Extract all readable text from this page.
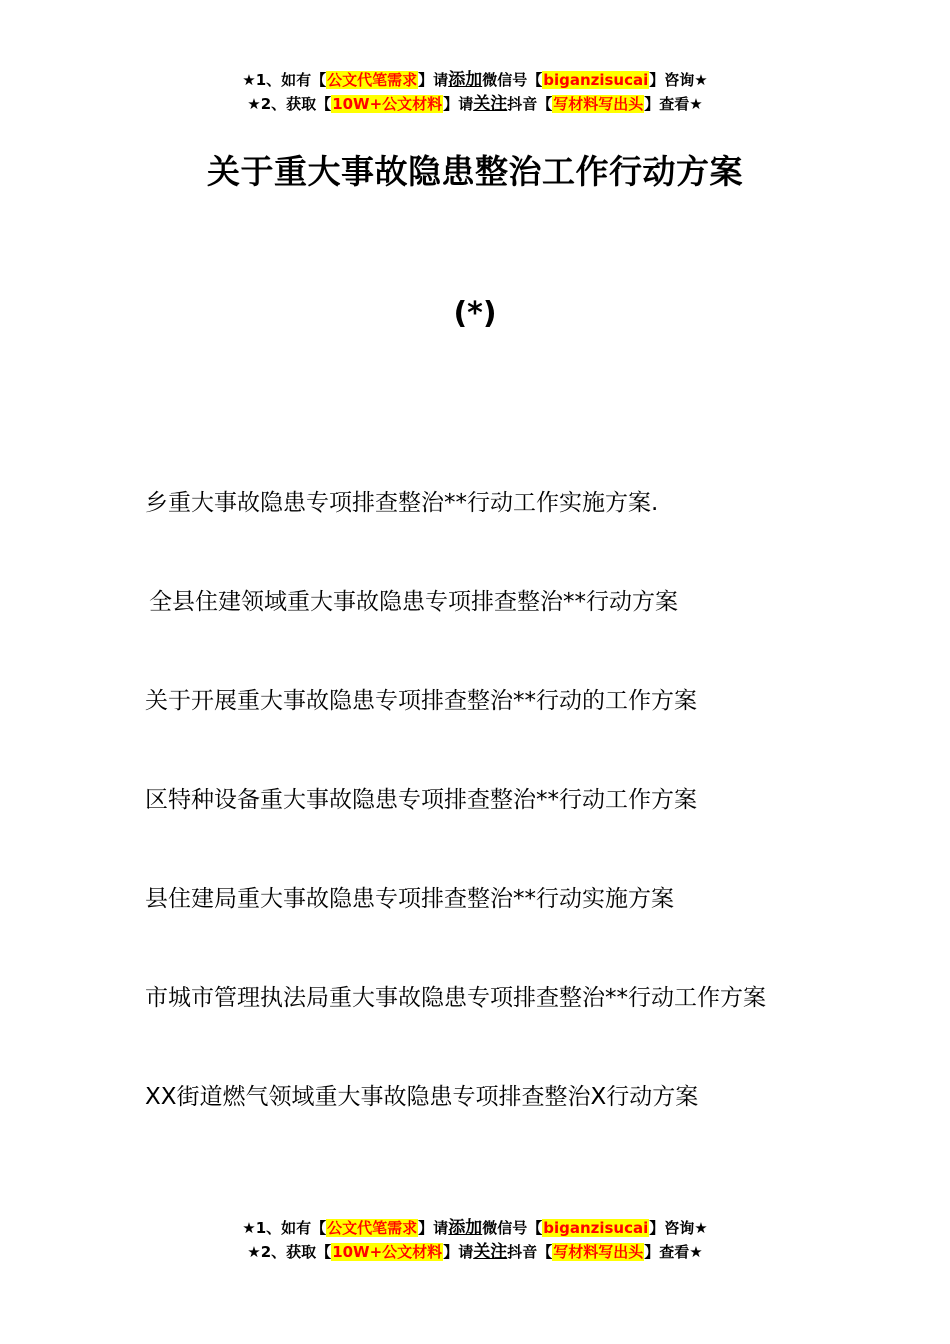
★1、如有【公文代笔需求】请添加微信号【biganzisucai】咨询★
★2、获取【10W+公文材料】请关注抖音【写材料写出头】查看★
关于重大事故隐患整治工作行动方案
(*)
乡重大事故隐患专项排查整治**行动工作实施方案.
全县住建领域重大事故隐患专项排查整治**行动方案
关于开展重大事故隐患专项排查整治**行动的工作方案
区特种设备重大事故隐患专项排查整治**行动工作方案
县住建局重大事故隐患专项排查整治**行动实施方案
市城市管理执法局重大事故隐患专项排查整治**行动工作方案
XX街道燃气领域重大事故隐患专项排查整治X行动方案
★1、如有【公文代笔需求】请添加微信号【biganzisucai】咨询★
★2、获取【10W+公文材料】请关注抖音【写材料写出头】查看★
